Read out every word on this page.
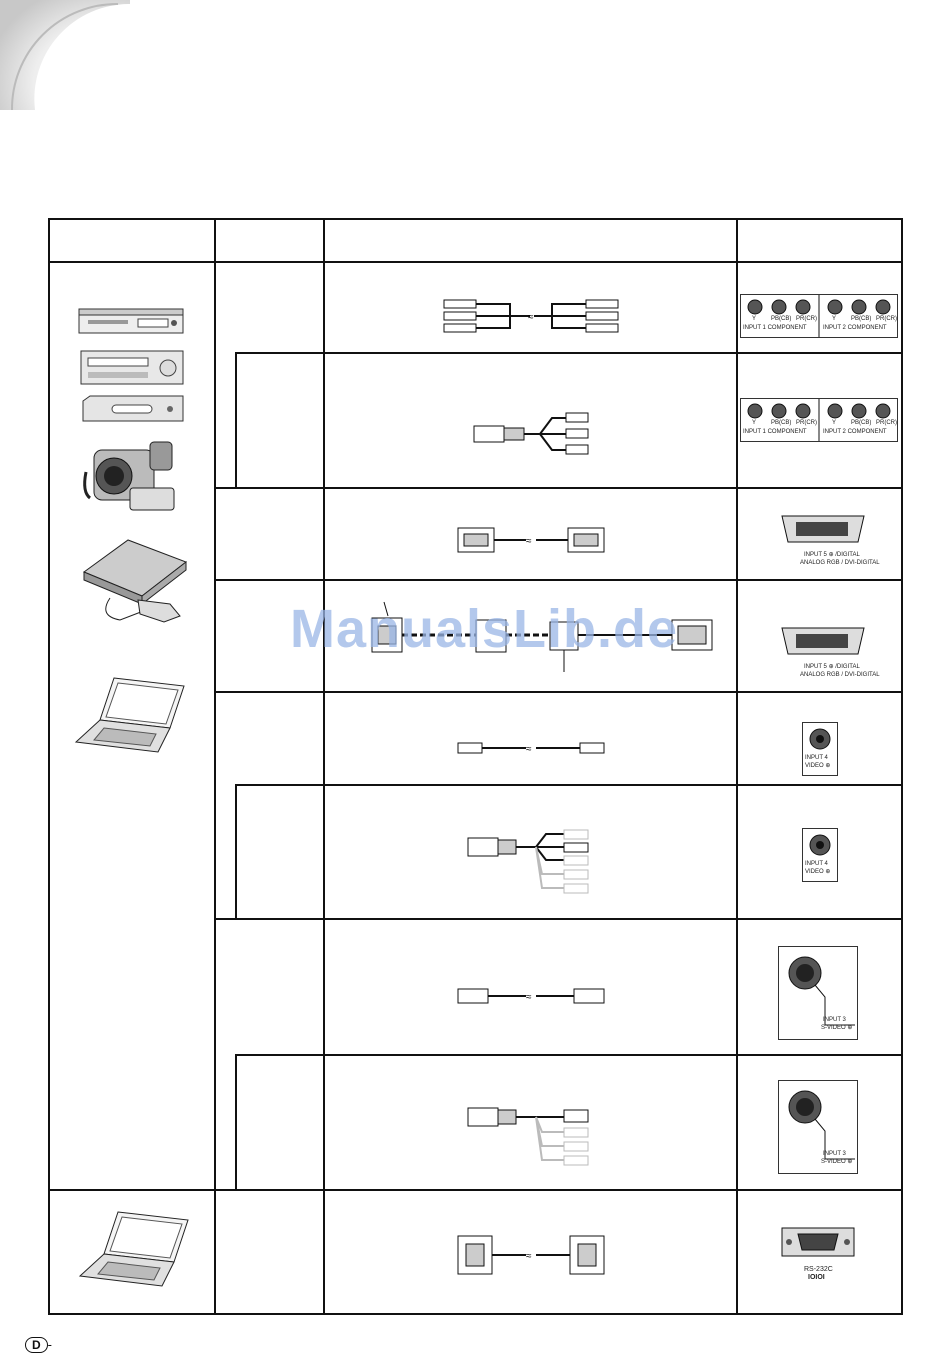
≈
≈
≈
≈
≈
INPUT 1 COMPONENT	INPUT 2 COMPONENT
Y PB(CB) PR(CR)	Y PB(CB) PR(CR)
INPUT 1 COMPONENT	INPUT 2 COMPONENT
Y PB(CB) PR(CR)	Y PB(CB) PR(CR)
INPUT 5 ⊕ /DIGITAL
ANALOG RGB / DVI-DIGITAL
INPUT 5 ⊕ /DIGITAL
ANALOG RGB / DVI-DIGITAL
INPUT 4
VIDEO ⊕
INPUT 4
VIDEO ⊕
INPUT 3
S-VIDEO ⊕
INPUT 3
S-VIDEO ⊕
RS-232C
IOIOI
ManualsLib.de
D -
